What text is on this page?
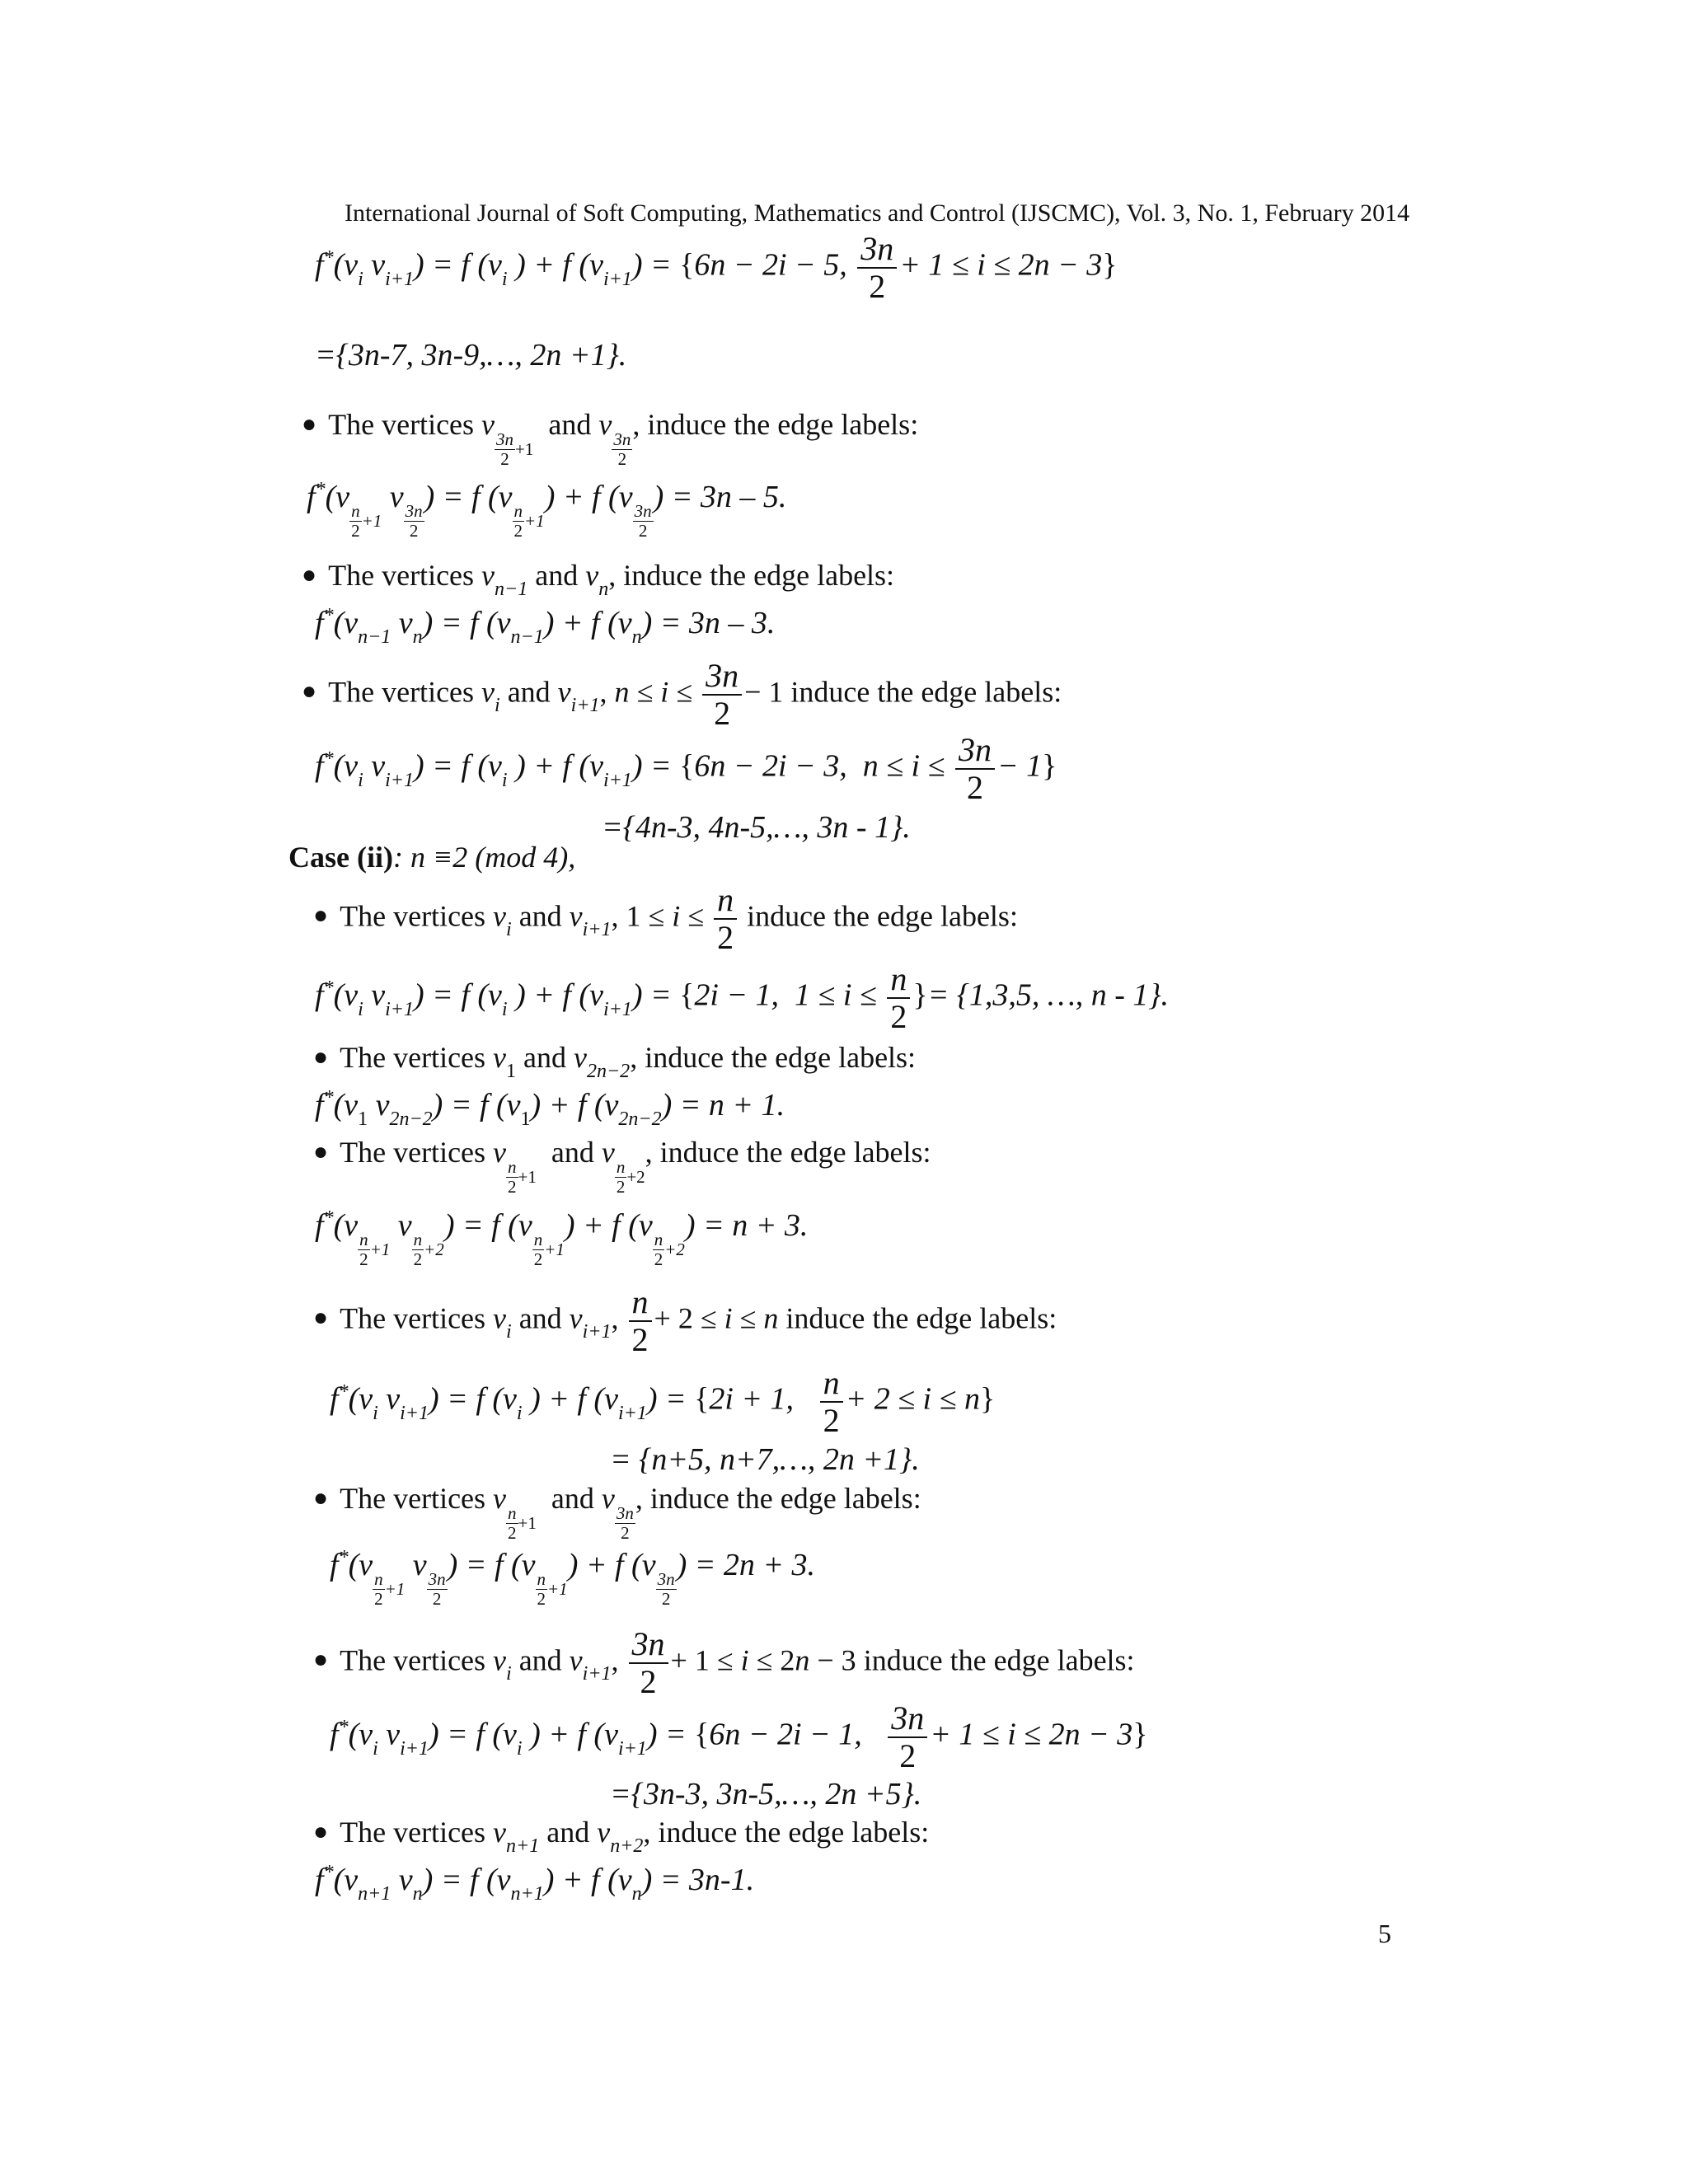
International Journal of Soft Computing, Mathematics and Control (IJSCMC), Vol. 3, No. 1, February 2014
$f^*(v_i$ $v_{i+1}) = f$ ($v_i$ ) + f $(v_{i+1}) = \{6n - 2i - 5$, $\frac{3n}{2} + 1 \le i \le 2n - 3$}
={3n-7, 3n-9,…, 2n +1}.
● The vertices v
$\frac{3n}{2} +1$  and v
$\frac{3n}{2}$
, induce the edge labels:
f*(v
$\frac{n}{2} +1$ v
$\frac{3n}{2}$
) = f (v
$\frac{n}{2} +1) + f$ (v
$\frac{3n}{2}$
) = 3n – 5.
● The vertices $v_{n-1}$ and $v_n$, induce the edge labels:
$f^*(v_{n-1}$ $v_n) = f$ $(v_{n-1}) + f$ $(v_n) = 3n - 3$.
● The vertices $v_i$ and $v_{i+1}$, $n \le i \le \frac{3n}{2} - 1$ induce the edge labels:
$f^*(v_i$ $v_{i+1}) = f$ ($v_i$ ) + f $(v_{i+1}) = \{6n - 2i - 3$,  $n \le i \le \frac{3n}{2} - 1$}
={4n-3, 4n-5,…, 3n - 1}.
Case (ii): n ≡2 (mod 4),
● The vertices $v_i$ and $v_{i+1}$, $1 \le i \le \frac{n}{2}$ induce the edge labels:
$f^*(v_i$ $v_{i+1}) = f$ ($v_i$ ) + f $(v_{i+1}) = \{2i - 1$,  $1 \le i \le \frac{n}{2}$ }= {1,3,5, …, n - 1}.
● The vertices $v_1$ and $v_{2n-2}$, induce the edge labels:
$f^*(v_1$ $v_{2n-2}) = f$ $(v_1) + f$ $(v_{2n-2}) = n + 1$.
● The vertices v
$\frac{n}{2} +1$  and v
$\frac{n}{2} +2$, induce the edge labels:
f*(v
$\frac{n}{2} +1$ v
$\frac{n}{2} +2) = f$ (v
$\frac{n}{2} +1) + f$ (v
$\frac{n}{2} +2) = n + 3$.
● The vertices $v_i$ and $v_{i+1}$, $\frac{n}{2} + 2 \le i \le n$ induce the edge labels:
$f^*(v_i$ $v_{i+1}) = f$ ($v_i$ ) + f $(v_{i+1}) = \{2i + 1$, $\frac{n}{2} + 2 \le i \le n$}
= {n+5, n+7,…, 2n +1}.
● The vertices v
$\frac{n}{2} +1$  and v
$\frac{3n}{2}$
, induce the edge labels:
f*(v
$\frac{n}{2} +1$ v
$\frac{3n}{2}$
) = f (v
$\frac{n}{2} +1) + f$ (v
$\frac{3n}{2}$
) = 2n + 3.
● The vertices $v_i$ and $v_{i+1}$, $\frac{3n}{2} + 1 \le i \le 2n - 3$ induce the edge labels:
$f^*(v_i$ $v_{i+1}) = f$ ($v_i$ ) + f $(v_{i+1}) = \{6n - 2i - 1$, $\frac{3n}{2} + 1 \le i \le 2n - 3$}
={3n-3, 3n-5,…, 2n +5}.
● The vertices $v_{n+1}$ and $v_{n+2}$, induce the edge labels:
$f^*(v_{n+1}$ $v_n) = f$ $(v_{n+1}) + f$ $(v_n) = 3n-1$.
5
